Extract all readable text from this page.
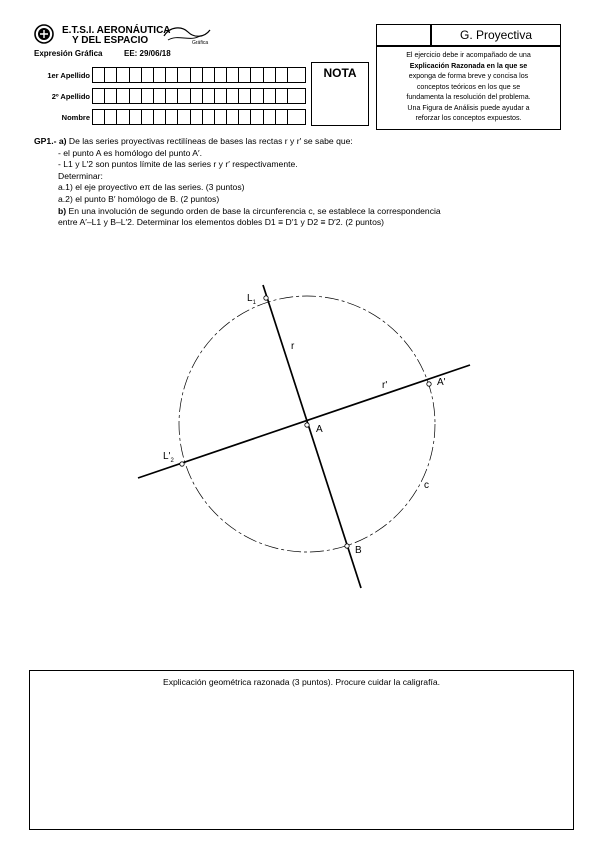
E.T.S.I. AERONÁUTICA
Y DEL ESPACIO	Gráfica
Expresión Gráfica	EE: 29/06/18
1er Apellido
2º Apellido
Nombre
NOTA
G. Proyectiva
El ejercicio debe ir acompañado de una
Explicación Razonada en la que se
exponga de forma breve y concisa los
conceptos teóricos en los que se
fundamenta la resolución del problema.
Una Figura de Análisis puede ayudar a
reforzar los conceptos expuestos.
GP1.- a) De las series proyectivas rectilíneas de bases las rectas r y r′ se sabe que:
- el punto A es homólogo del punto A′.
- L1 y L′2 son puntos límite de las series r y r′ respectivamente.
Determinar:
a.1) el eje proyectivo eπ de las series. (3 puntos)
a.2) el punto B′ homólogo de B. (2 puntos)
b) En una involución de segundo orden de base la circunferencia c, se establece la correspondencia
entre A′–L1 y B–L′2. Determinar los elementos dobles D1 ≡ D′1 y D2 ≡ D′2. (2 puntos)
$L_1$
r
r'	A'
A
$L'_2$
c
B
Explicación geométrica razonada (3 puntos). Procure cuidar la caligrafía.
